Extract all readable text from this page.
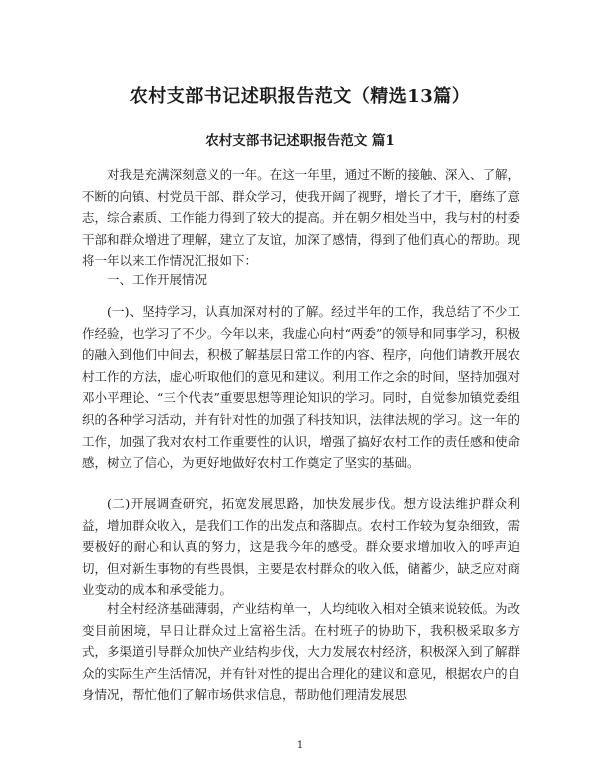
农村支部书记述职报告范文（精选13篇）
农村支部书记述职报告范文 篇1

对我是充满深刻意义的一年。在这一年里，通过不断的接触、深入、了解，不断的向镇、村党员干部、群众学习，使我开阔了视野，增长了才干，磨练了意志，综合素质、工作能力得到了较大的提高。并在朝夕相处当中，我与村的村委干部和群众增进了理解，建立了友谊，加深了感情，得到了他们真心的帮助。现将一年以来工作情况汇报如下：

一、工作开展情况

(一)、坚持学习，认真加深对村的了解。经过半年的工作，我总结了不少工作经验，也学习了不少。今年以来，我虚心向村“两委”的领导和同事学习，积极的融入到他们中间去，积极了解基层日常工作的内容、程序，向他们请教开展农村工作的方法，虚心听取他们的意见和建议。利用工作之余的时间，坚持加强对邓小平理论、“三个代表”重要思想等理论知识的学习。同时，自觉参加镇党委组织的各种学习活动，并有针对性的加强了科技知识，法律法规的学习。这一年的工作，加强了我对农村工作重要性的认识，增强了搞好农村工作的责任感和使命感，树立了信心，为更好地做好农村工作奠定了坚实的基础。

(二)开展调查研究，拓宽发展思路，加快发展步伐。想方设法维护群众利益，增加群众收入，是我们工作的出发点和落脚点。农村工作较为复杂细致，需要极好的耐心和认真的努力，这是我今年的感受。群众要求增加收入的呼声迫切，但对新生事物的有些畏惧，主要是农村群众的收入低，储蓄少，缺乏应对商业变动的成本和承受能力。

村全村经济基础薄弱，产业结构单一，人均纯收入相对全镇来说较低。为改变目前困境，早日让群众过上富裕生活。在村班子的协助下，我积极采取多方式，多渠道引导群众加快产业结构步伐，大力发展农村经济，积极深入到了解群众的实际生产生活情况，并有针对性的提出合理化的建议和意见，根据农户的自身情况，帮忙他们了解市场供求信息，帮助他们理清发展思

1
